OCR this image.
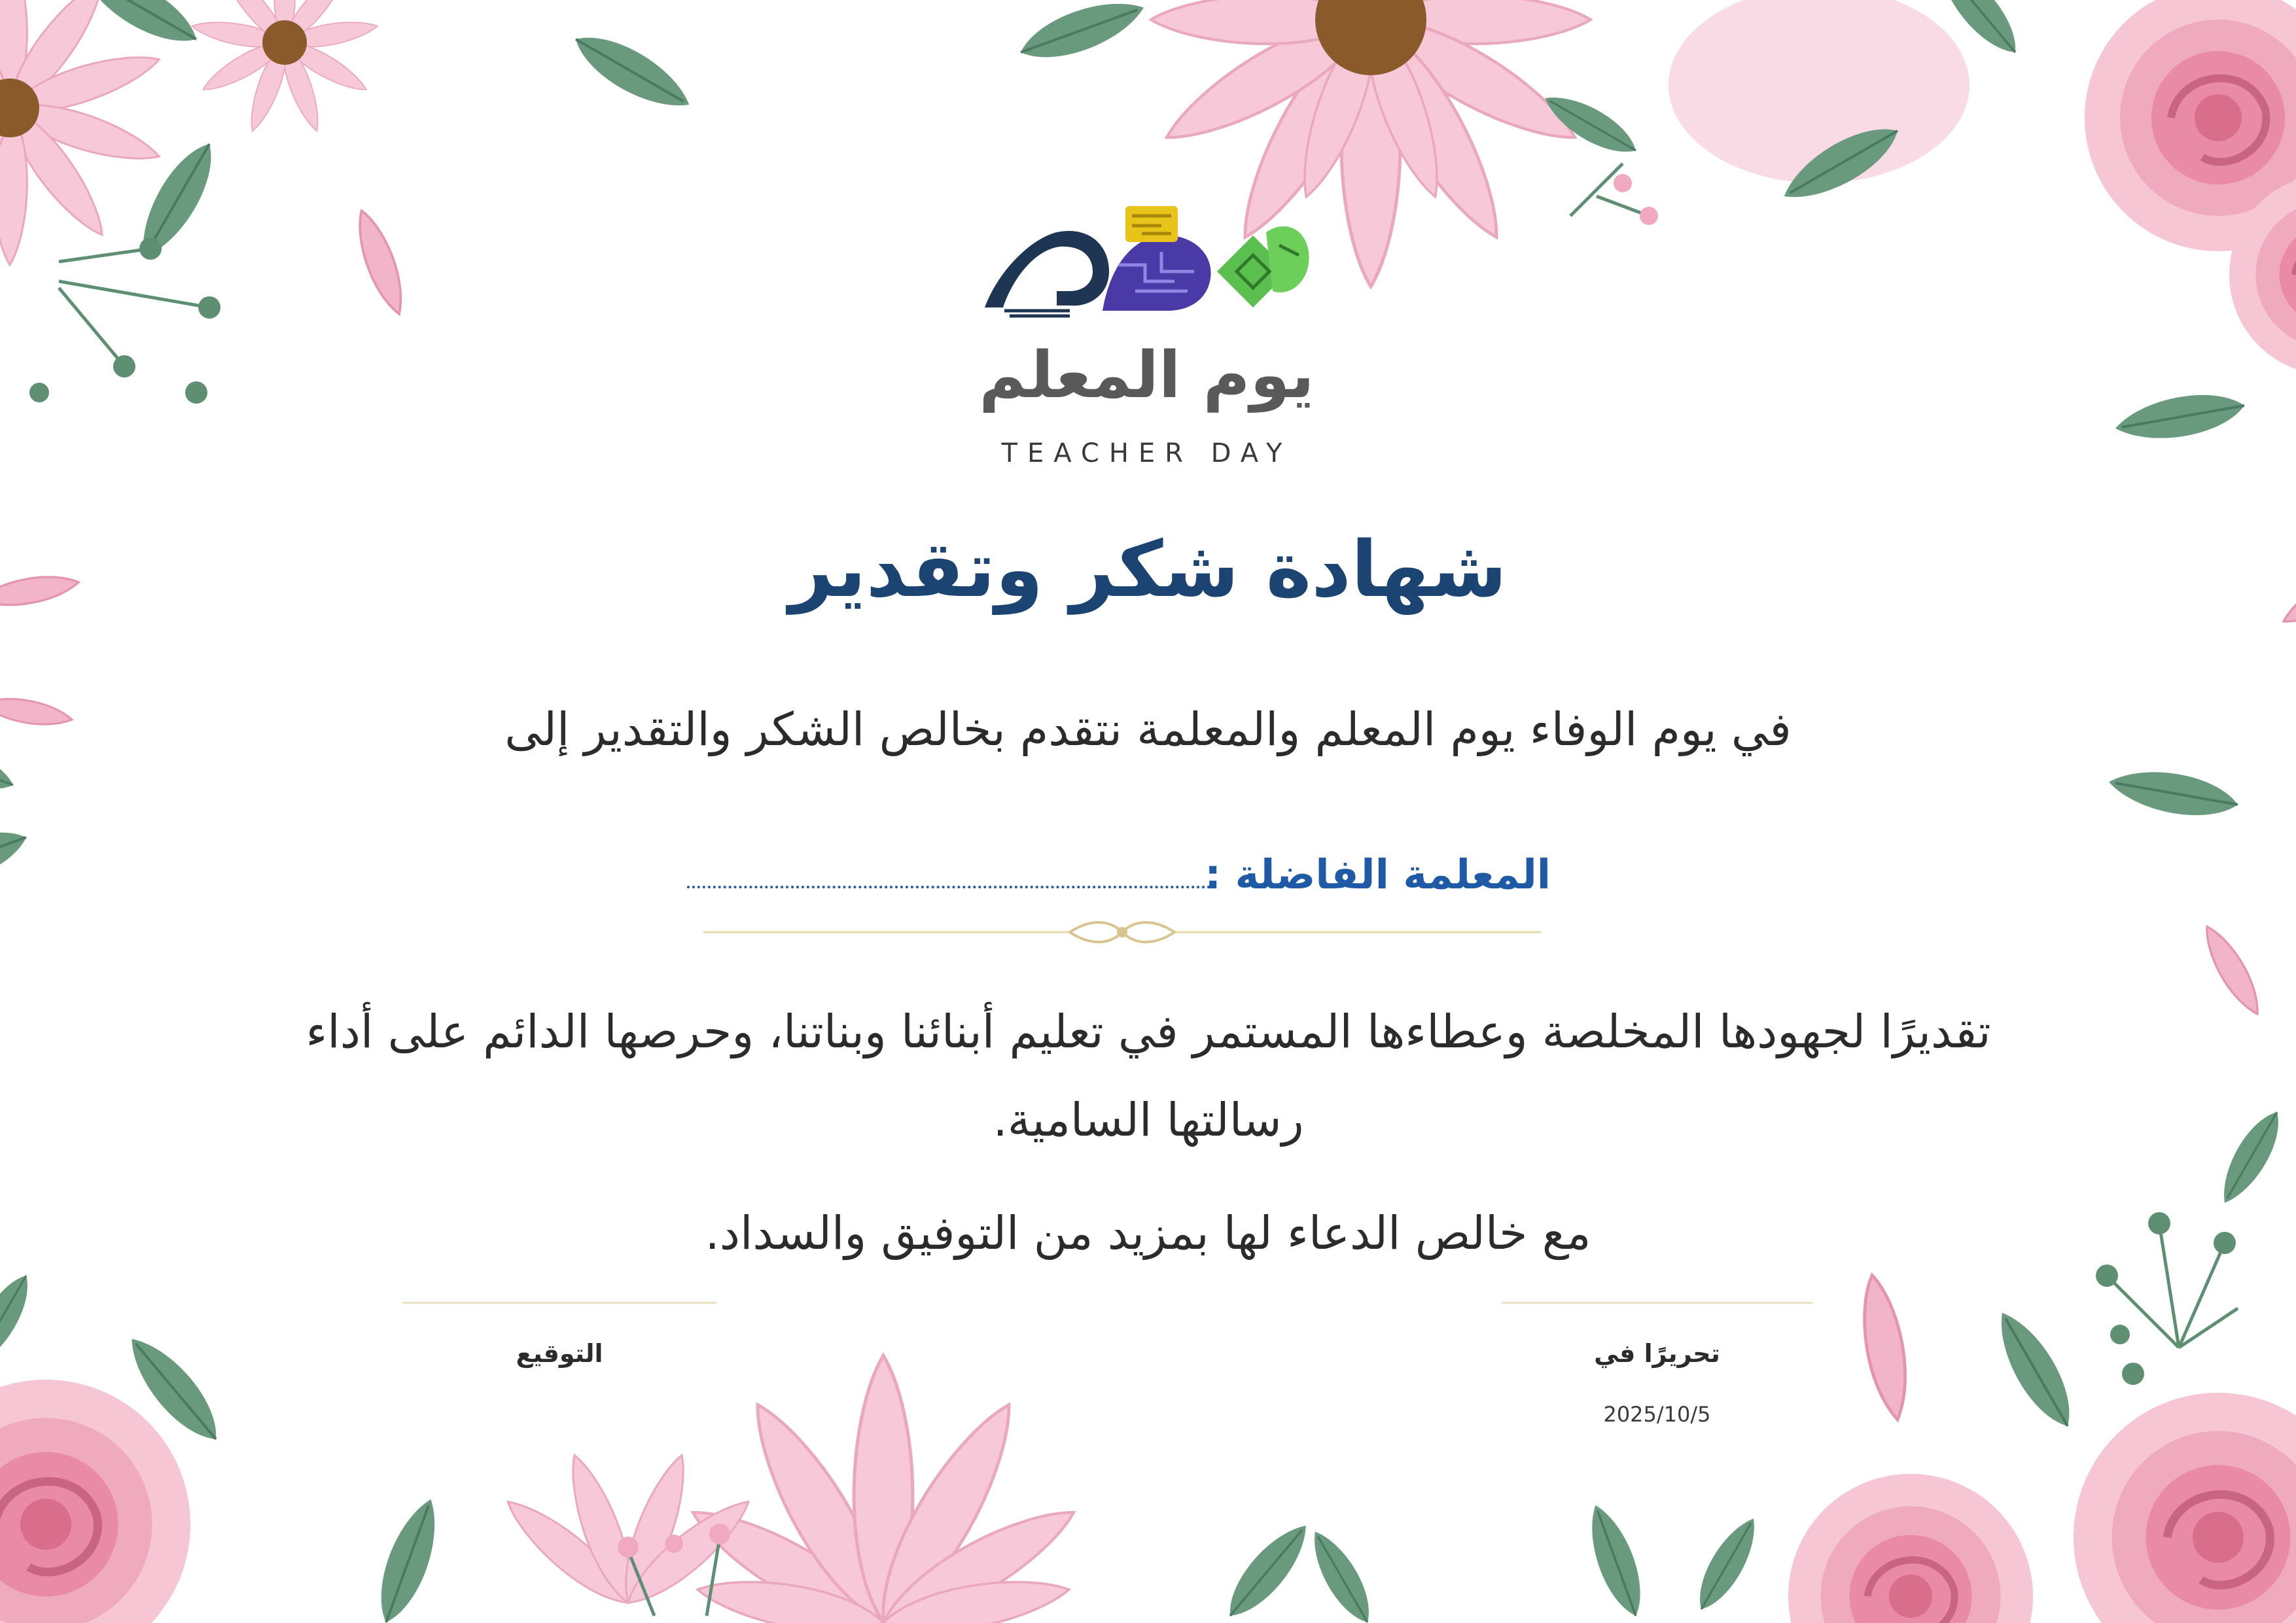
يوم المعلم
TEACHER DAY
شهادة شكر وتقدير
في يوم الوفاء يوم المعلم والمعلمة نتقدم بخالص الشكر والتقدير إلى
المعلمة الفاضلة :
تقديرًا لجهودها المخلصة وعطاءها المستمر في تعليم أبنائنا وبناتنا، وحرصها الدائم على أداء رسالتها السامية.
مع خالص الدعاء لها بمزيد من التوفيق والسداد.
التوقيع	تحريرًا في
2025/10/5
